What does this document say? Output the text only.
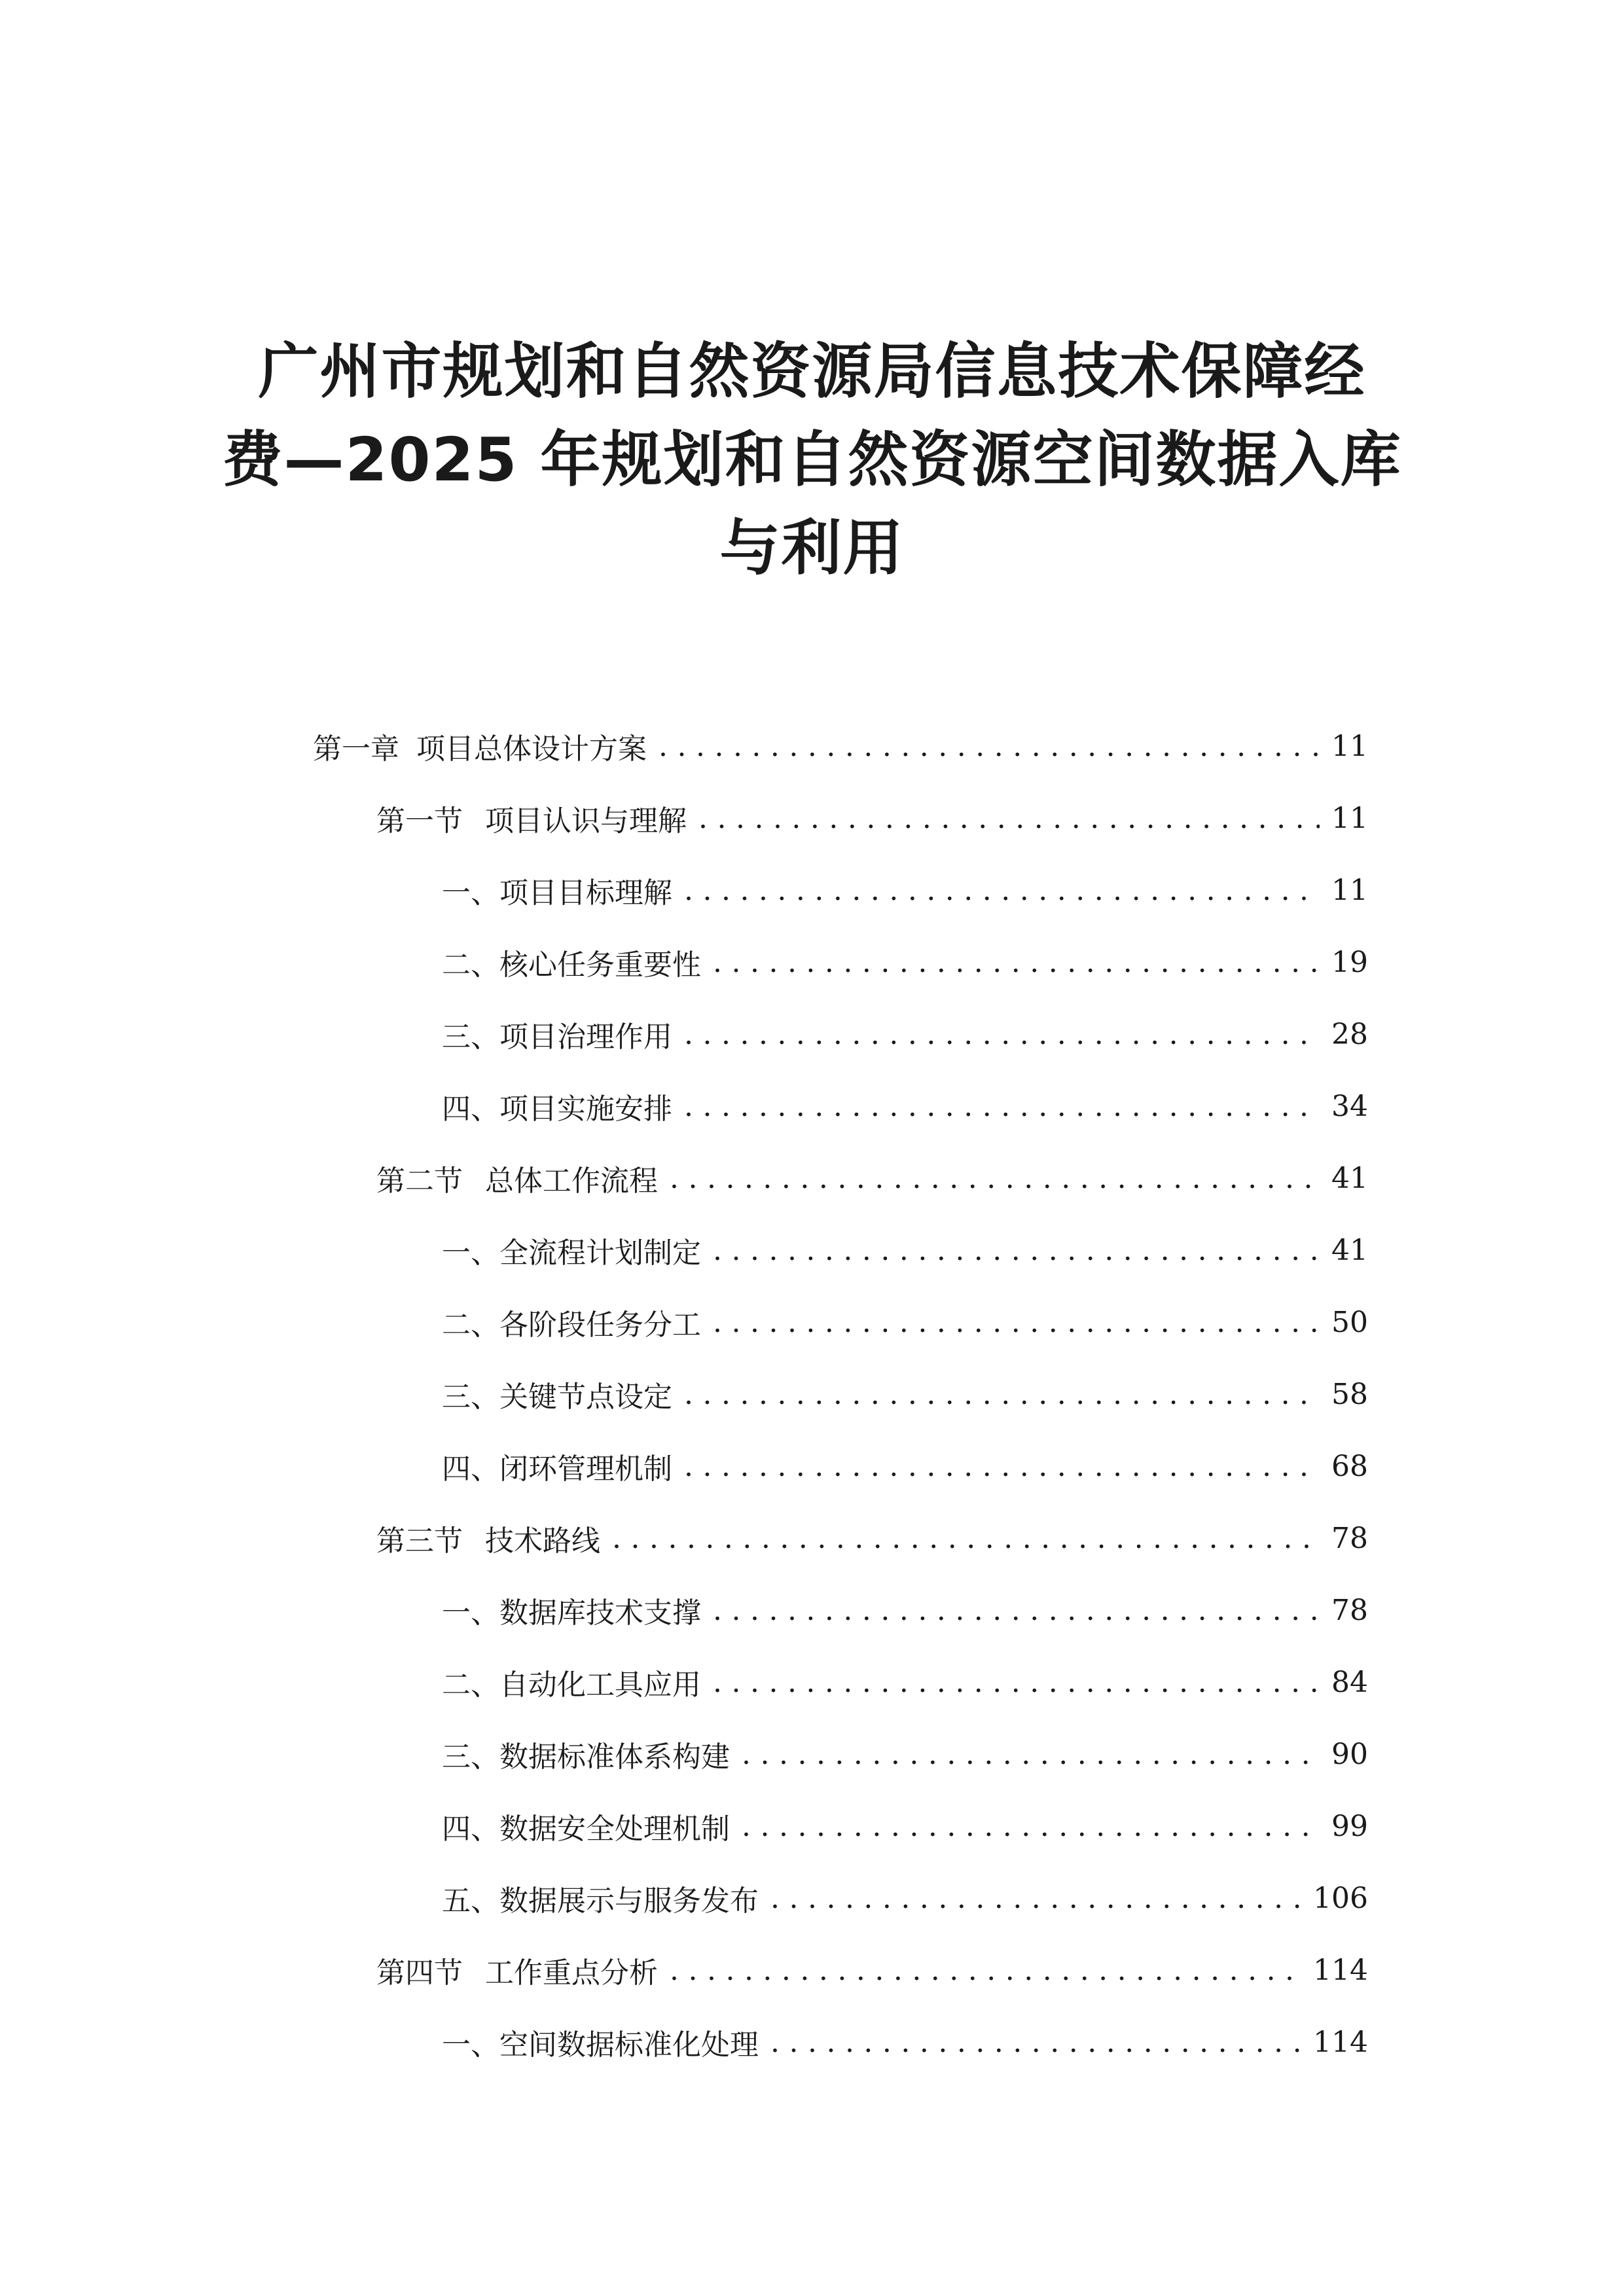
广州市规划和自然资源局信息技术保障经
费—2025 年规划和自然资源空间数据入库
与利用
第一章 项目总体设计方案 .....	11
第一节 项目认识与理解 .....	11
一、 项目目标理解 .....	11
二、 核心任务重要性 .....	19
三、 项目治理作用 .....	28
四、 项目实施安排 .....	34
第二节 总体工作流程 .....	41
一、 全流程计划制定 .....	41
二、 各阶段任务分工 .....	50
三、 关键节点设定 .....	58
四、 闭环管理机制 .....	68
第三节 技术路线 .....	78
一、 数据库技术支撑 .....	78
二、 自动化工具应用 .....	84
三、 数据标准体系构建 .....	90
四、 数据安全处理机制 .....	99
五、 数据展示与服务发布 .....	106
第四节 工作重点分析 .....	114
一、 空间数据标准化处理 .....	114
